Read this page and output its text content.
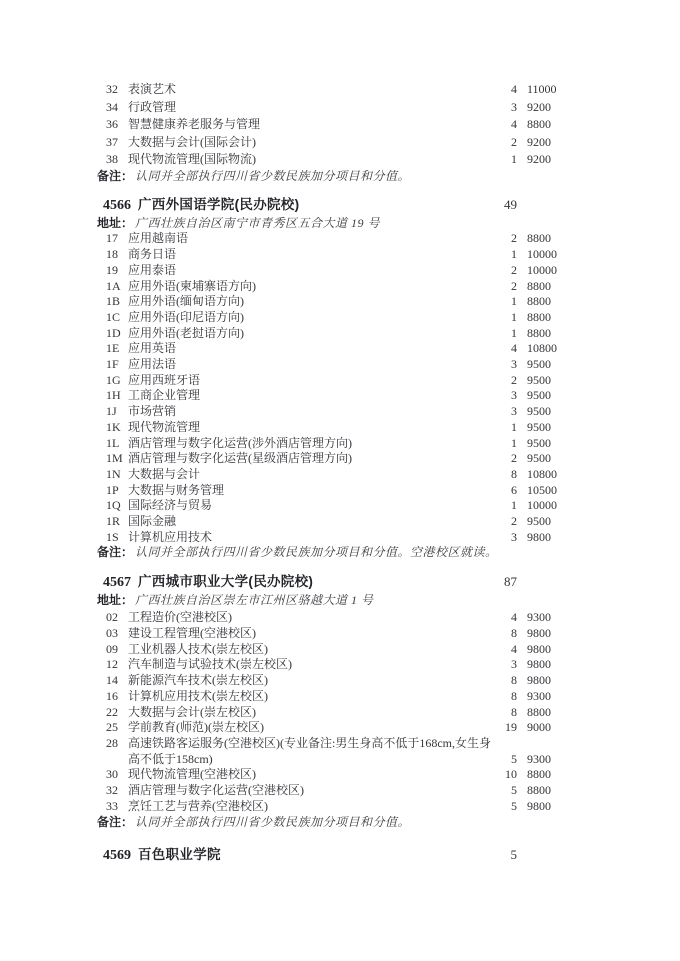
32 表演艺术	4 11000
34 行政管理	3 9200
36 智慧健康养老服务与管理	4 8800
37 大数据与会计(国际会计)	2 9200
38 现代物流管理(国际物流)	1 9200
备注： 认同并全部执行四川省少数民族加分项目和分值。
4566 广西外国语学院(民办院校)	49
地址： 广西壮族自治区南宁市青秀区五合大道 19 号
17 应用越南语	2 8800
18 商务日语	1 10000
19 应用泰语	2 10000
1A 应用外语(柬埔寨语方向)	2 8800
1B 应用外语(缅甸语方向)	1 8800
1C 应用外语(印尼语方向)	1 8800
1D 应用外语(老挝语方向)	1 8800
1E 应用英语	4 10800
1F 应用法语	3 9500
1G 应用西班牙语	2 9500
1H 工商企业管理	3 9500
1J 市场营销	3 9500
1K 现代物流管理	1 9500
1L 酒店管理与数字化运营(涉外酒店管理方向)	1 9500
1M 酒店管理与数字化运营(星级酒店管理方向)	2 9500
1N 大数据与会计	8 10800
1P 大数据与财务管理	6 10500
1Q 国际经济与贸易	1 10000
1R 国际金融	2 9500
1S 计算机应用技术	3 9800
备注： 认同并全部执行四川省少数民族加分项目和分值。空港校区就读。
4567 广西城市职业大学(民办院校)	87
地址： 广西壮族自治区崇左市江州区骆越大道 1 号
02 工程造价(空港校区)	4 9300
03 建设工程管理(空港校区)	8 9800
09 工业机器人技术(崇左校区)	4 9800
12 汽车制造与试验技术(崇左校区)	3 9800
14 新能源汽车技术(崇左校区)	8 9800
16 计算机应用技术(崇左校区)	8 9300
22 大数据与会计(崇左校区)	8 8800
25 学前教育(师范)(崇左校区)	19 9000
28 高速铁路客运服务(空港校区)(专业备注:男生身高不低于168cm,女生身
高不低于158cm)	5 9300
30 现代物流管理(空港校区)	10 8800
32 酒店管理与数字化运营(空港校区)	5 8800
33 烹饪工艺与营养(空港校区)	5 9800
备注： 认同并全部执行四川省少数民族加分项目和分值。
4569 百色职业学院	5
